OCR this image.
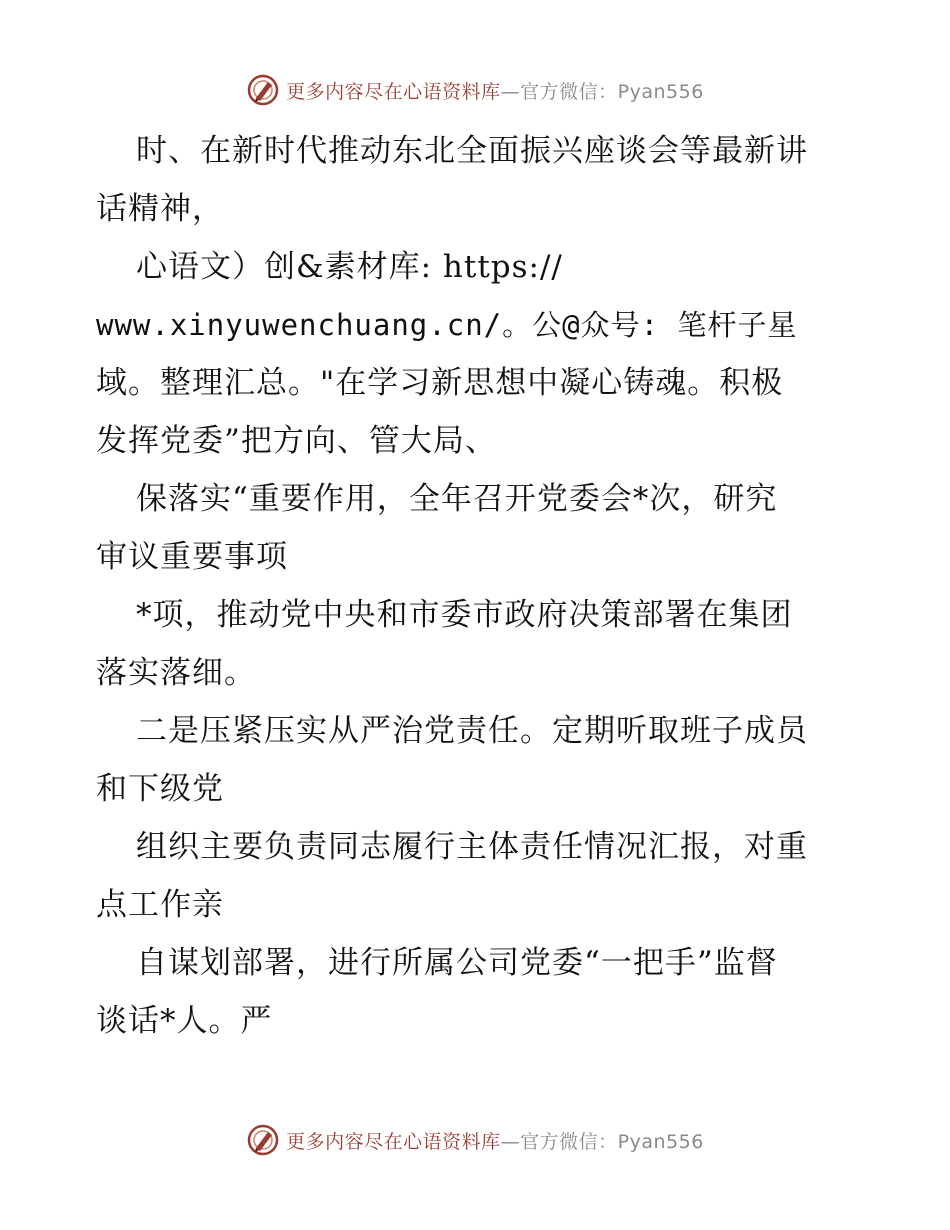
更多内容尽在心语资料库—官方微信：Pyan556
时、在新时代推动东北全面振兴座谈会等最新讲
话精神，
心语文）创&素材库: https://
www.xinyuwenchuang.cn/。公@众号: 笔杆子星
域。整理汇总。"在学习新思想中凝心铸魂。积极
发挥党委”把方向、管大局、
保落实“重要作用，全年召开党委会*次，研究
审议重要事项
*项，推动党中央和市委市政府决策部署在集团
落实落细。
二是压紧压实从严治党责任。定期听取班子成员
和下级党
组织主要负责同志履行主体责任情况汇报，对重
点工作亲
自谋划部署，进行所属公司党委“一把手”监督
谈话*人。严
更多内容尽在心语资料库—官方微信：Pyan556
